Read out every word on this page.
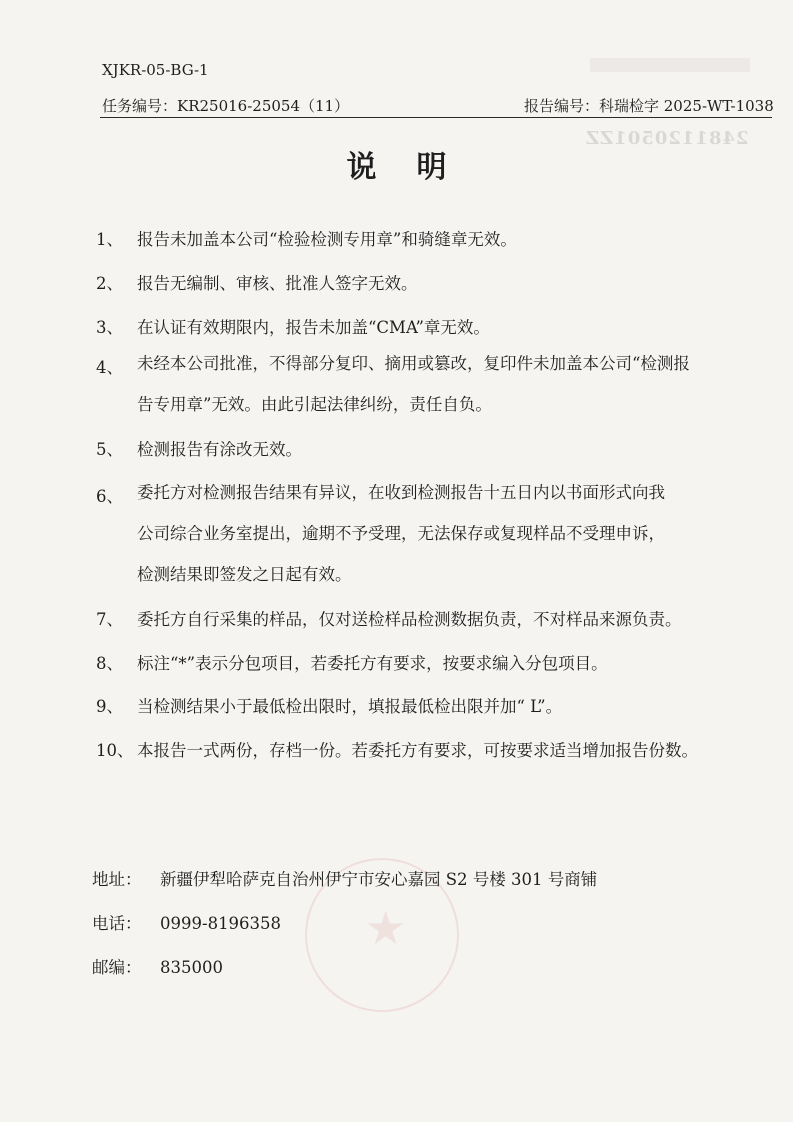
2481120501ZZ
XJKR-05-BG-1
任务编号：KR25016-25054（11）	报告编号：科瑞检字 2025-WT-1038
说明
1、 报告未加盖本公司“检验检测专用章”和骑缝章无效。
2、 报告无编制、审核、批准人签字无效。
3、 在认证有效期限内，报告未加盖“CMA”章无效。
4、 未经本公司批准，不得部分复印、摘用或篡改，复印件未加盖本公司“检测报
告专用章”无效。由此引起法律纠纷，责任自负。
5、 检测报告有涂改无效。
6、 委托方对检测报告结果有异议，在收到检测报告十五日内以书面形式向我
公司综合业务室提出，逾期不予受理，无法保存或复现样品不受理申诉，
检测结果即签发之日起有效。
7、 委托方自行采集的样品，仅对送检样品检测数据负责，不对样品来源负责。
8、 标注“*”表示分包项目，若委托方有要求，按要求编入分包项目。
9、 当检测结果小于最低检出限时，填报最低检出限并加“ L”。
10、 本报告一式两份，存档一份。若委托方有要求，可按要求适当增加报告份数。
★
地址： 新疆伊犁哈萨克自治州伊宁市安心嘉园 S2 号楼 301 号商铺
电话： 0999-8196358
邮编： 835000
